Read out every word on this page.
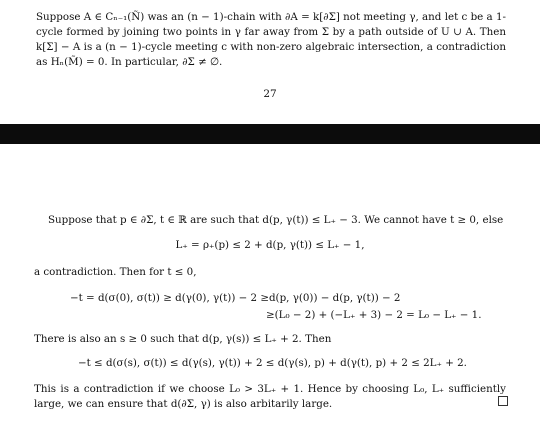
Suppose A ∈ Cₙ₋₁(Ñ) was an (n − 1)-chain with ∂A = k[∂Σ] not meeting γ, and let c be a 1-cycle formed by joining two points in γ far away from Σ by a path outside of U ∪ A. Then k[Σ] − A is a (n − 1)-cycle meeting c with non-zero algebraic intersection, a contradiction as Hₙ(M̃) = 0. In particular, ∂Σ ≠ ∅.

27
Suppose that p ∈ ∂Σ, t ∈ ℝ are such that d(p, γ(t)) ≤ L₊ − 3. We cannot have t ≥ 0, else
L₊ = ρ₊(p) ≤ 2 + d(p, γ(t)) ≤ L₊ − 1,
a contradiction. Then for t ≤ 0,
−t = d(σ(0), σ(t)) ≥ d(γ(0), γ(t)) − 2 ≥d(p, γ(0)) − d(p, γ(t)) − 2
≥(L₀ − 2) + (−L₊ + 3) − 2 = L₀ − L₊ − 1.
There is also an s ≥ 0 such that d(p, γ(s)) ≤ L₊ + 2. Then
−t ≤ d(σ(s), σ(t)) ≤ d(γ(s), γ(t)) + 2 ≤ d(γ(s), p) + d(γ(t), p) + 2 ≤ 2L₊ + 2.

This is a contradiction if we choose L₀ > 3L₊ + 1. Hence by choosing L₀, L₊ sufficiently large, we can ensure that d(∂Σ, γ) is also arbitarily large.
